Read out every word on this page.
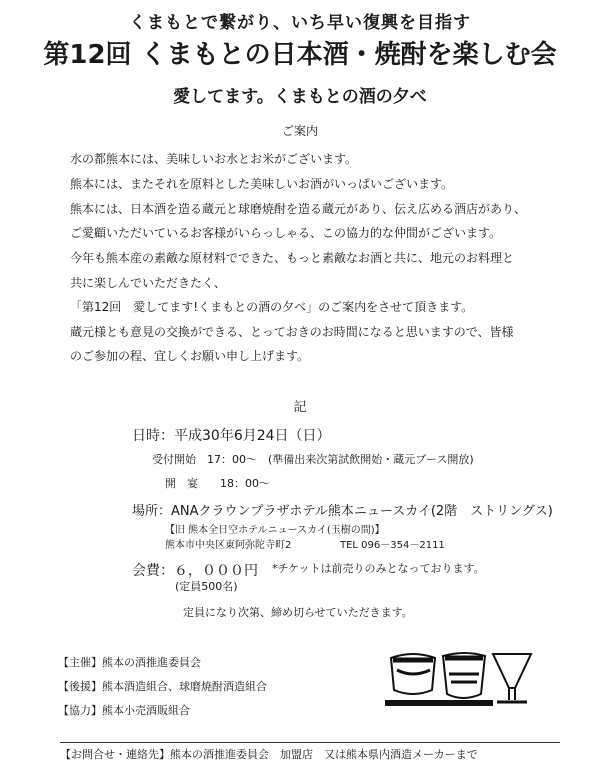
くまもとで繋がり、いち早い復興を目指す
第12回 くまもとの日本酒・焼酎を楽しむ会
愛してます。くまもとの酒の夕べ
ご案内
水の都熊本には、美味しいお水とお米がございます。
熊本には、またそれを原料とした美味しいお酒がいっぱいございます。
熊本には、日本酒を造る蔵元と球磨焼酎を造る蔵元があり、伝え広める酒店があり、
ご愛顧いただいているお客様がいらっしゃる、この協力的な仲間がございます。
今年も熊本産の素敵な原材料でできた、もっと素敵なお酒と共に、地元のお料理と
共に楽しんでいただきたく、
「第12回　愛してます!くまもとの酒の夕べ」のご案内をさせて頂きます。
蔵元様とも意見の交換ができる、とっておきのお時間になると思いますので、皆様
のご参加の程、宜しくお願い申し上げます。
記
日時：平成30年6月24日（日）
受付開始　17：00～　(準備出来次第試飲開始・蔵元ブース開放)
開　宴　　18：00～
場所：ANAクラウンプラザホテル熊本ニュースカイ(2階　ストリングス)
【旧 熊本全日空ホテルニュースカイ(玉樹の間)】
熊本市中央区東阿弥陀寺町2	TEL 096－354－2111
会費：６，０００円 *チケットは前売りのみとなっております。
(定員500名)
定員になり次第、締め切らせていただきます。
【主催】熊本の酒推進委員会
【後援】熊本酒造組合、球磨焼酎酒造組合
【協力】熊本小売酒販組合
【お問合せ・連絡先】熊本の酒推進委員会　加盟店　又は熊本県内酒造メーカーまで
